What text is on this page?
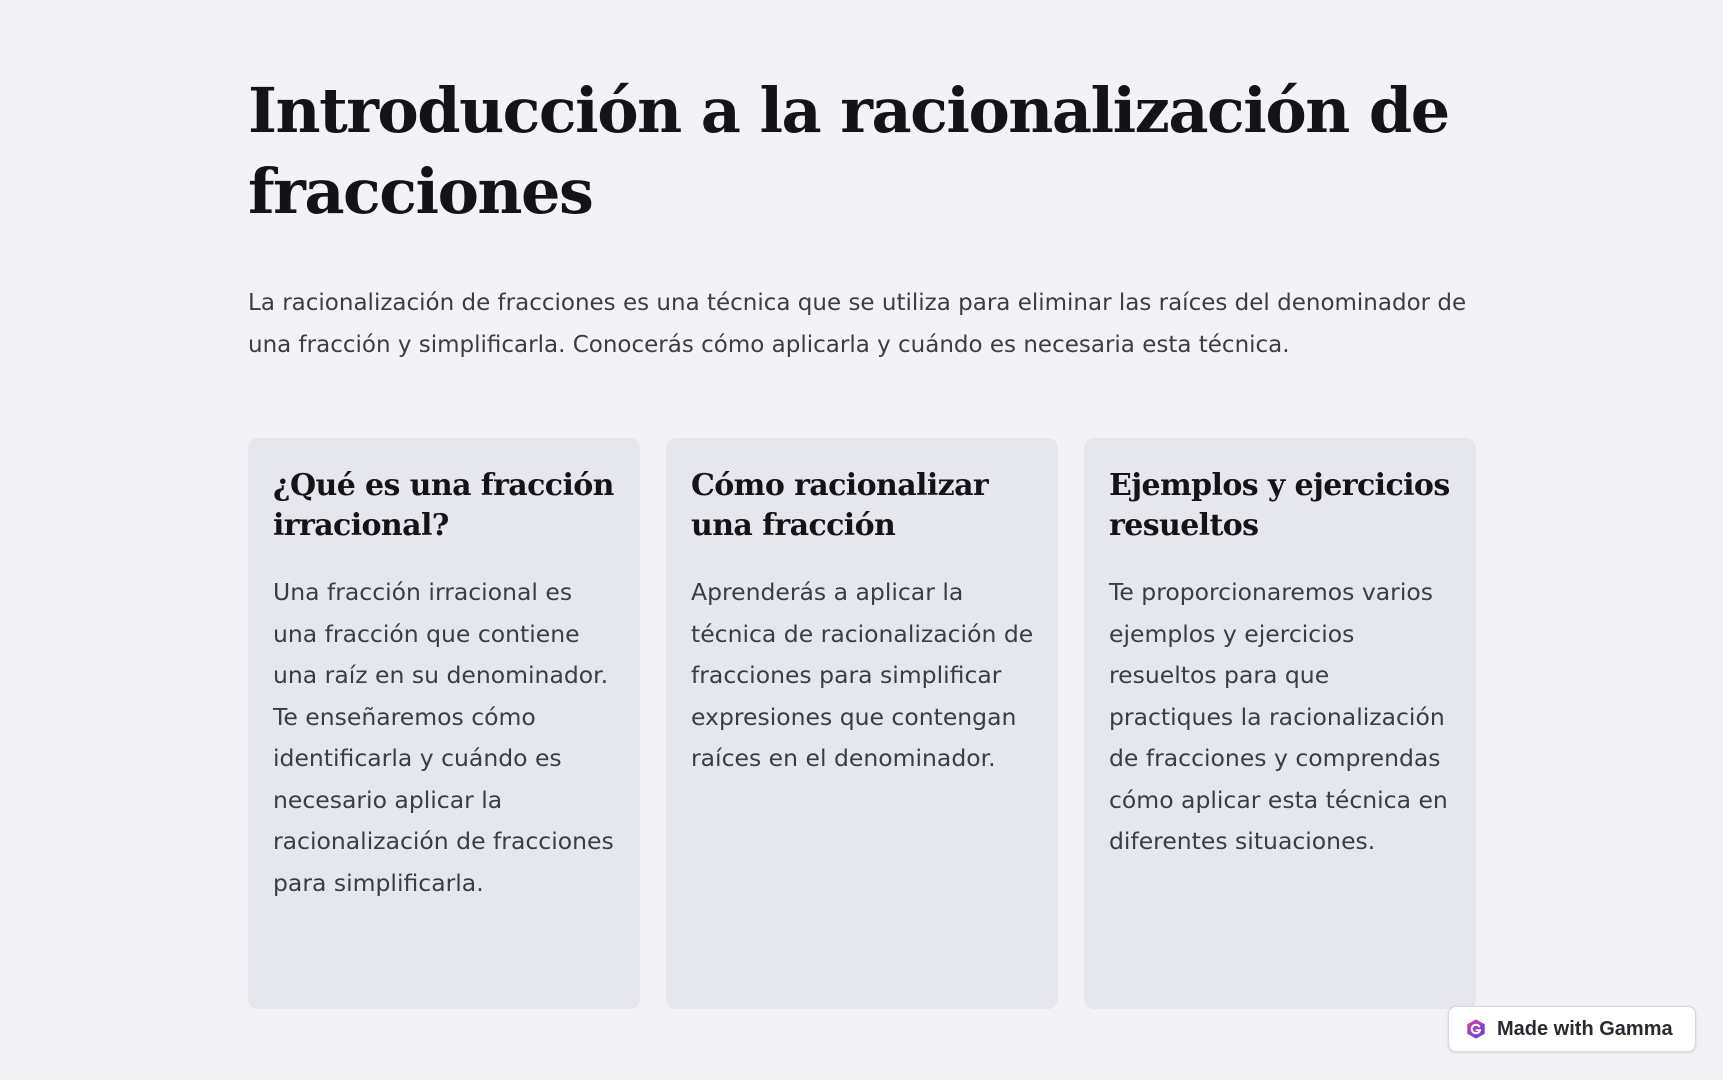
Introducción a la racionalización de fracciones

La racionalización de fracciones es una técnica que se utiliza para eliminar las raíces del denominador de una fracción y simplificarla. Conocerás cómo aplicarla y cuándo es necesaria esta técnica.

¿Qué es una fracción irracional?

Una fracción irracional es una fracción que contiene una raíz en su denominador. Te enseñaremos cómo identificarla y cuándo es necesario aplicar la racionalización de fracciones para simplificarla.

Cómo racionalizar una fracción

Aprenderás a aplicar la técnica de racionalización de fracciones para simplificar expresiones que contengan raíces en el denominador.

Ejemplos y ejercicios resueltos

Te proporcionaremos varios ejemplos y ejercicios resueltos para que practiques la racionalización de fracciones y comprendas cómo aplicar esta técnica en diferentes situaciones.

Made with Gamma
